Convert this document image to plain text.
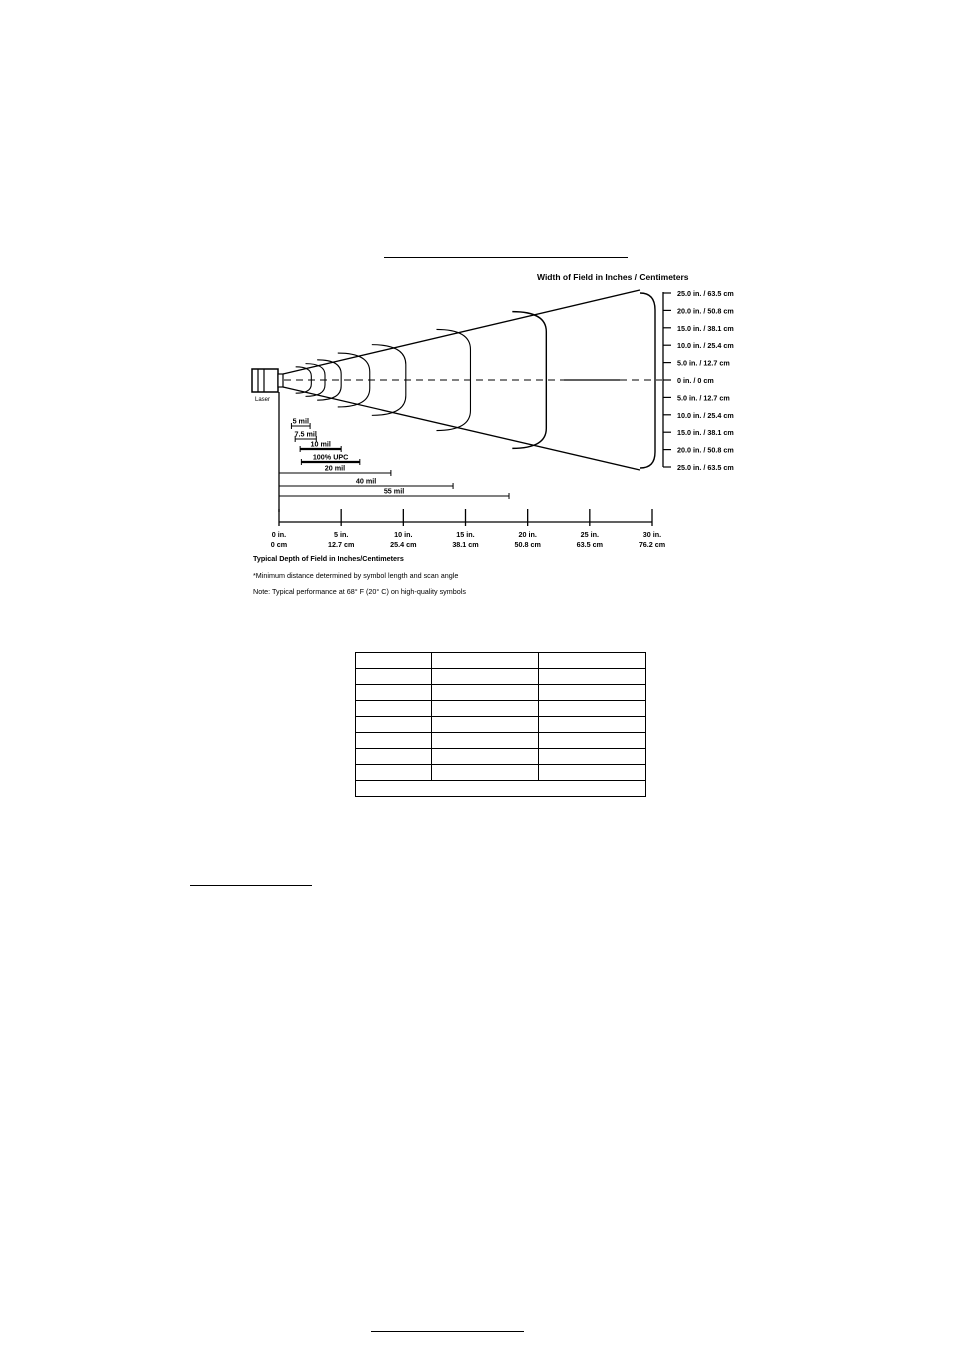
Width of Field in Inches / Centimeters
Laser
25.0 in. / 63.5 cm
20.0 in. / 50.8 cm
15.0 in. / 38.1 cm
10.0 in. / 25.4 cm
5.0 in. / 12.7 cm
0 in. / 0 cm
5.0 in. / 12.7 cm
10.0 in. / 25.4 cm
15.0 in. / 38.1 cm
20.0 in. / 50.8 cm
25.0 in. / 63.5 cm
5 mil
7.5 mil
10 mil
100% UPC
20 mil
40 mil
55 mil
0 in.
0 cm
5 in.
12.7 cm
10 in.
25.4 cm
15 in.
38.1 cm
20 in.
50.8 cm
25 in.
63.5 cm
30 in.
76.2 cm
Typical Depth of Field in Inches/Centimeters
*Minimum distance determined by symbol length and scan angle
Note: Typical performance at 68° F (20° C) on high-quality symbols
